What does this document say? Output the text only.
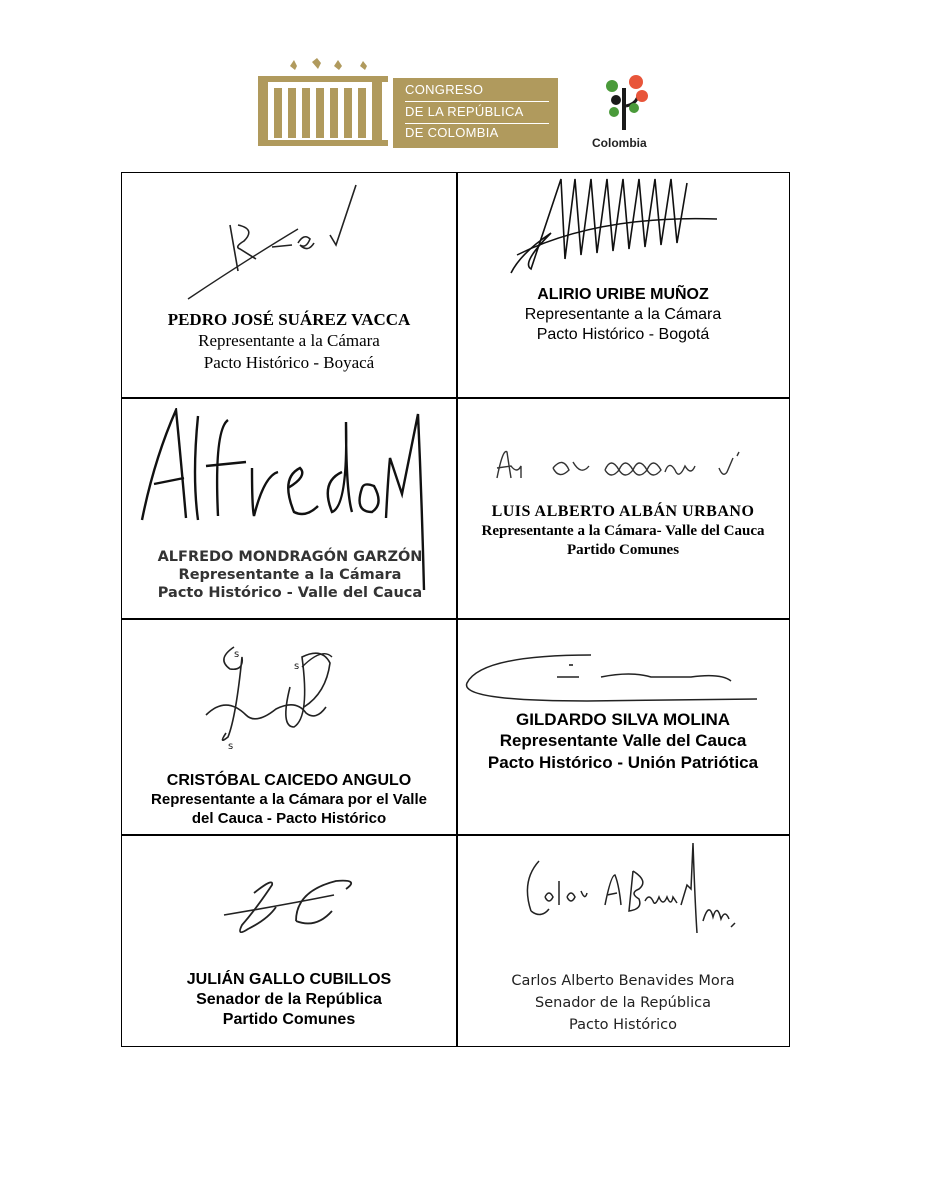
CONGRESO
DE LA REPÚBLICA
DE COLOMBIA
Colombia
PEDRO JOSÉ SUÁREZ VACCA
Representante a la Cámara
Pacto Histórico - Boyacá
ALIRIO URIBE MUÑOZ
Representante a la Cámara
Pacto Histórico - Bogotá
ALFREDO MONDRAGÓN GARZÓN
Representante a la Cámara
Pacto Histórico - Valle del Cauca
LUIS ALBERTO ALBÁN URBANO
Representante a la Cámara- Valle del Cauca
Partido Comunes
s
s
s
CRISTÓBAL CAICEDO ANGULO
Representante a la Cámara por el Valle
del Cauca - Pacto Histórico
GILDARDO SILVA MOLINA
Representante Valle del Cauca
Pacto Histórico - Unión Patriótica
JULIÁN GALLO CUBILLOS
Senador de la República
Partido Comunes
Carlos Alberto Benavides Mora
Senador de la República
Pacto Histórico
